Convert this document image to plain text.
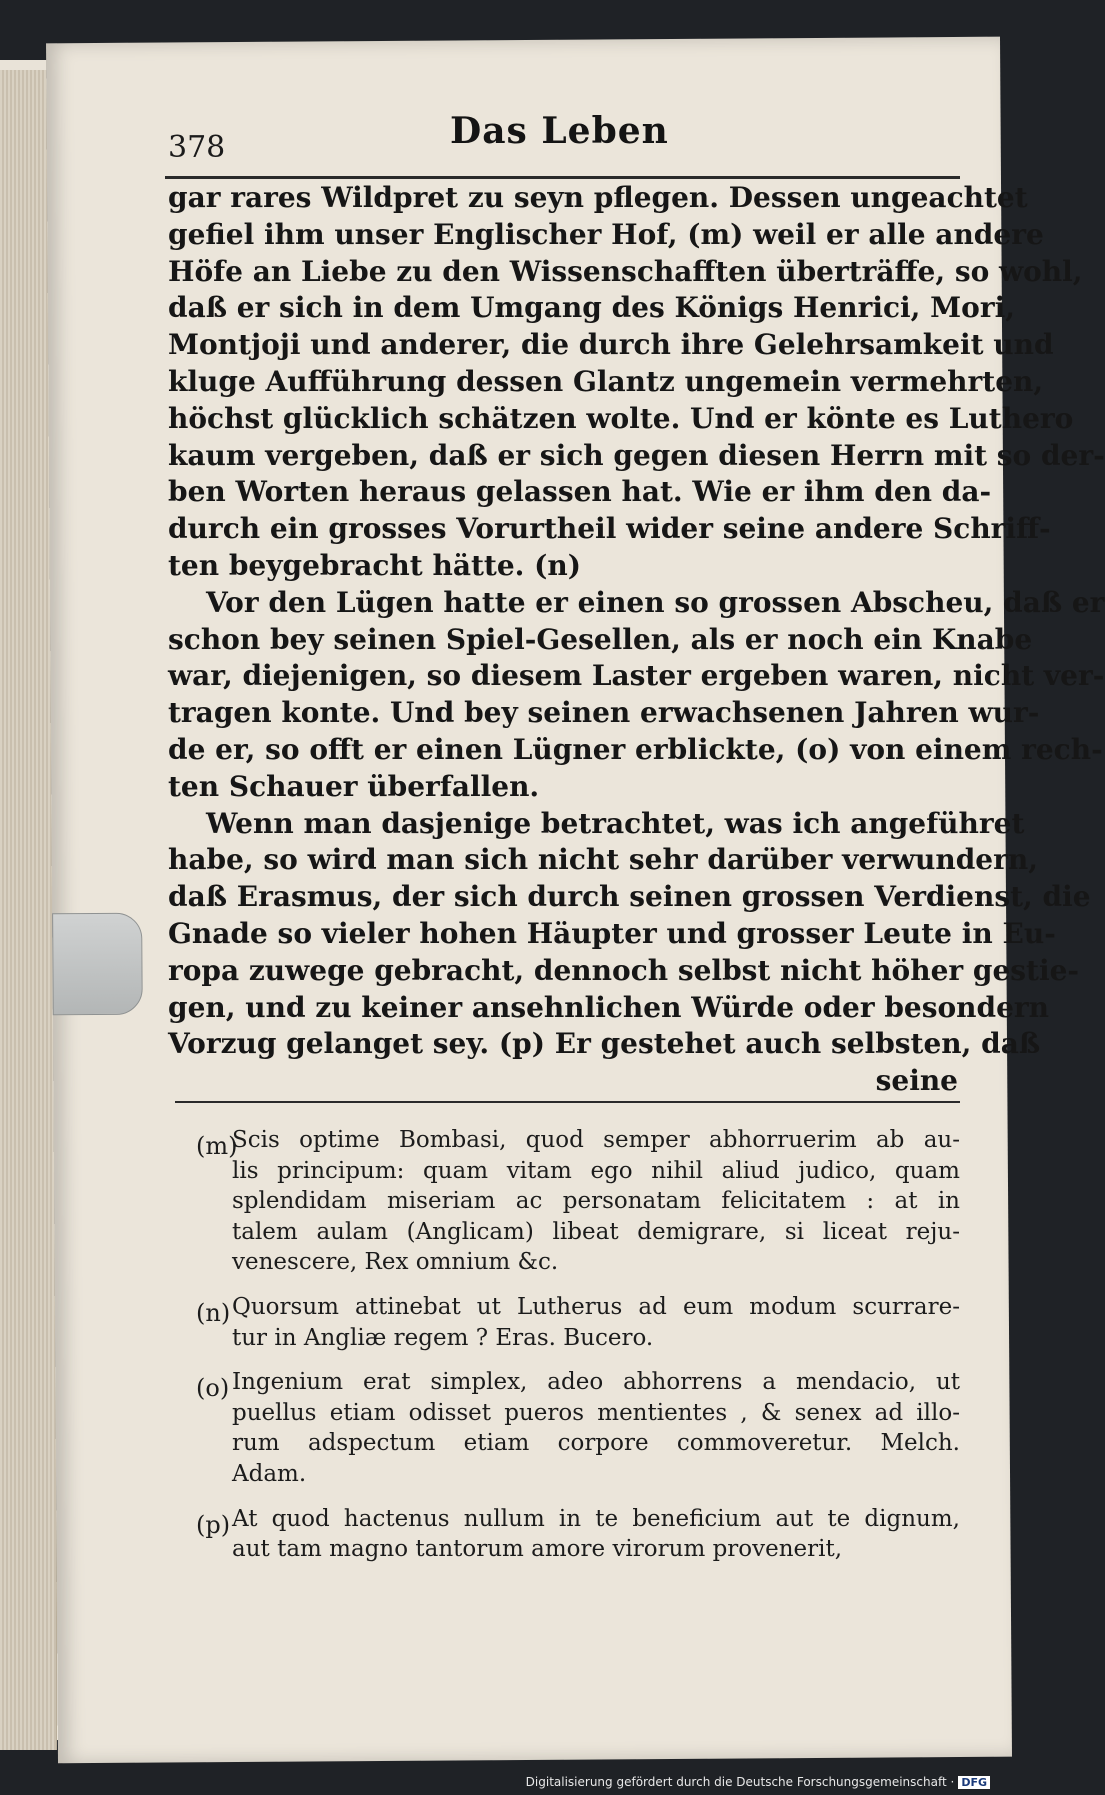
378	Das Leben
gar rares Wildpret zu seyn pflegen. Dessen ungeachtet
gefiel ihm unser Englischer Hof, (m) weil er alle andere
Höfe an Liebe zu den Wissenschafften überträffe, so wohl,
daß er sich in dem Umgang des Königs Henrici, Mori,
Montjoji und anderer, die durch ihre Gelehrsamkeit und
kluge Aufführung dessen Glantz ungemein vermehrten,
höchst glücklich schätzen wolte. Und er könte es Luthero
kaum vergeben, daß er sich gegen diesen Herrn mit so der-
ben Worten heraus gelassen hat. Wie er ihm den da-
durch ein grosses Vorurtheil wider seine andere Schriff-
ten beygebracht hätte. (n)
Vor den Lügen hatte er einen so grossen Abscheu, daß er
schon bey seinen Spiel-Gesellen, als er noch ein Knabe
war, diejenigen, so diesem Laster ergeben waren, nicht ver-
tragen konte. Und bey seinen erwachsenen Jahren wur-
de er, so offt er einen Lügner erblickte, (o) von einem rech-
ten Schauer überfallen.
Wenn man dasjenige betrachtet, was ich angeführet
habe, so wird man sich nicht sehr darüber verwundern,
daß Erasmus, der sich durch seinen grossen Verdienst, die
Gnade so vieler hohen Häupter und grosser Leute in Eu-
ropa zuwege gebracht, dennoch selbst nicht höher gestie-
gen, und zu keiner ansehnlichen Würde oder besondern
Vorzug gelanget sey. (p) Er gestehet auch selbsten, daß
seine
(m)
Scis optime Bombasi, quod semper abhorruerim ab au-
lis principum: quam vitam ego nihil aliud judico, quam
splendidam miseriam ac personatam felicitatem : at in
talem aulam (Anglicam) libeat demigrare, si liceat reju-
venescere, Rex omnium &c.
(n) Quorsum attinebat ut Lutherus ad eum modum scurrare-
tur in Angliæ regem ? Eras. Bucero.
(o) Ingenium erat simplex, adeo abhorrens a mendacio, ut
puellus etiam odisset pueros mentientes , & senex ad illo-
rum adspectum etiam corpore commoveretur. Melch.
Adam.
(p) At quod hactenus nullum in te beneficium aut te dignum,
aut tam magno tantorum amore virorum provenerit,
Digitalisierung gefördert durch die Deutsche Forschungsgemeinschaft · DFG
